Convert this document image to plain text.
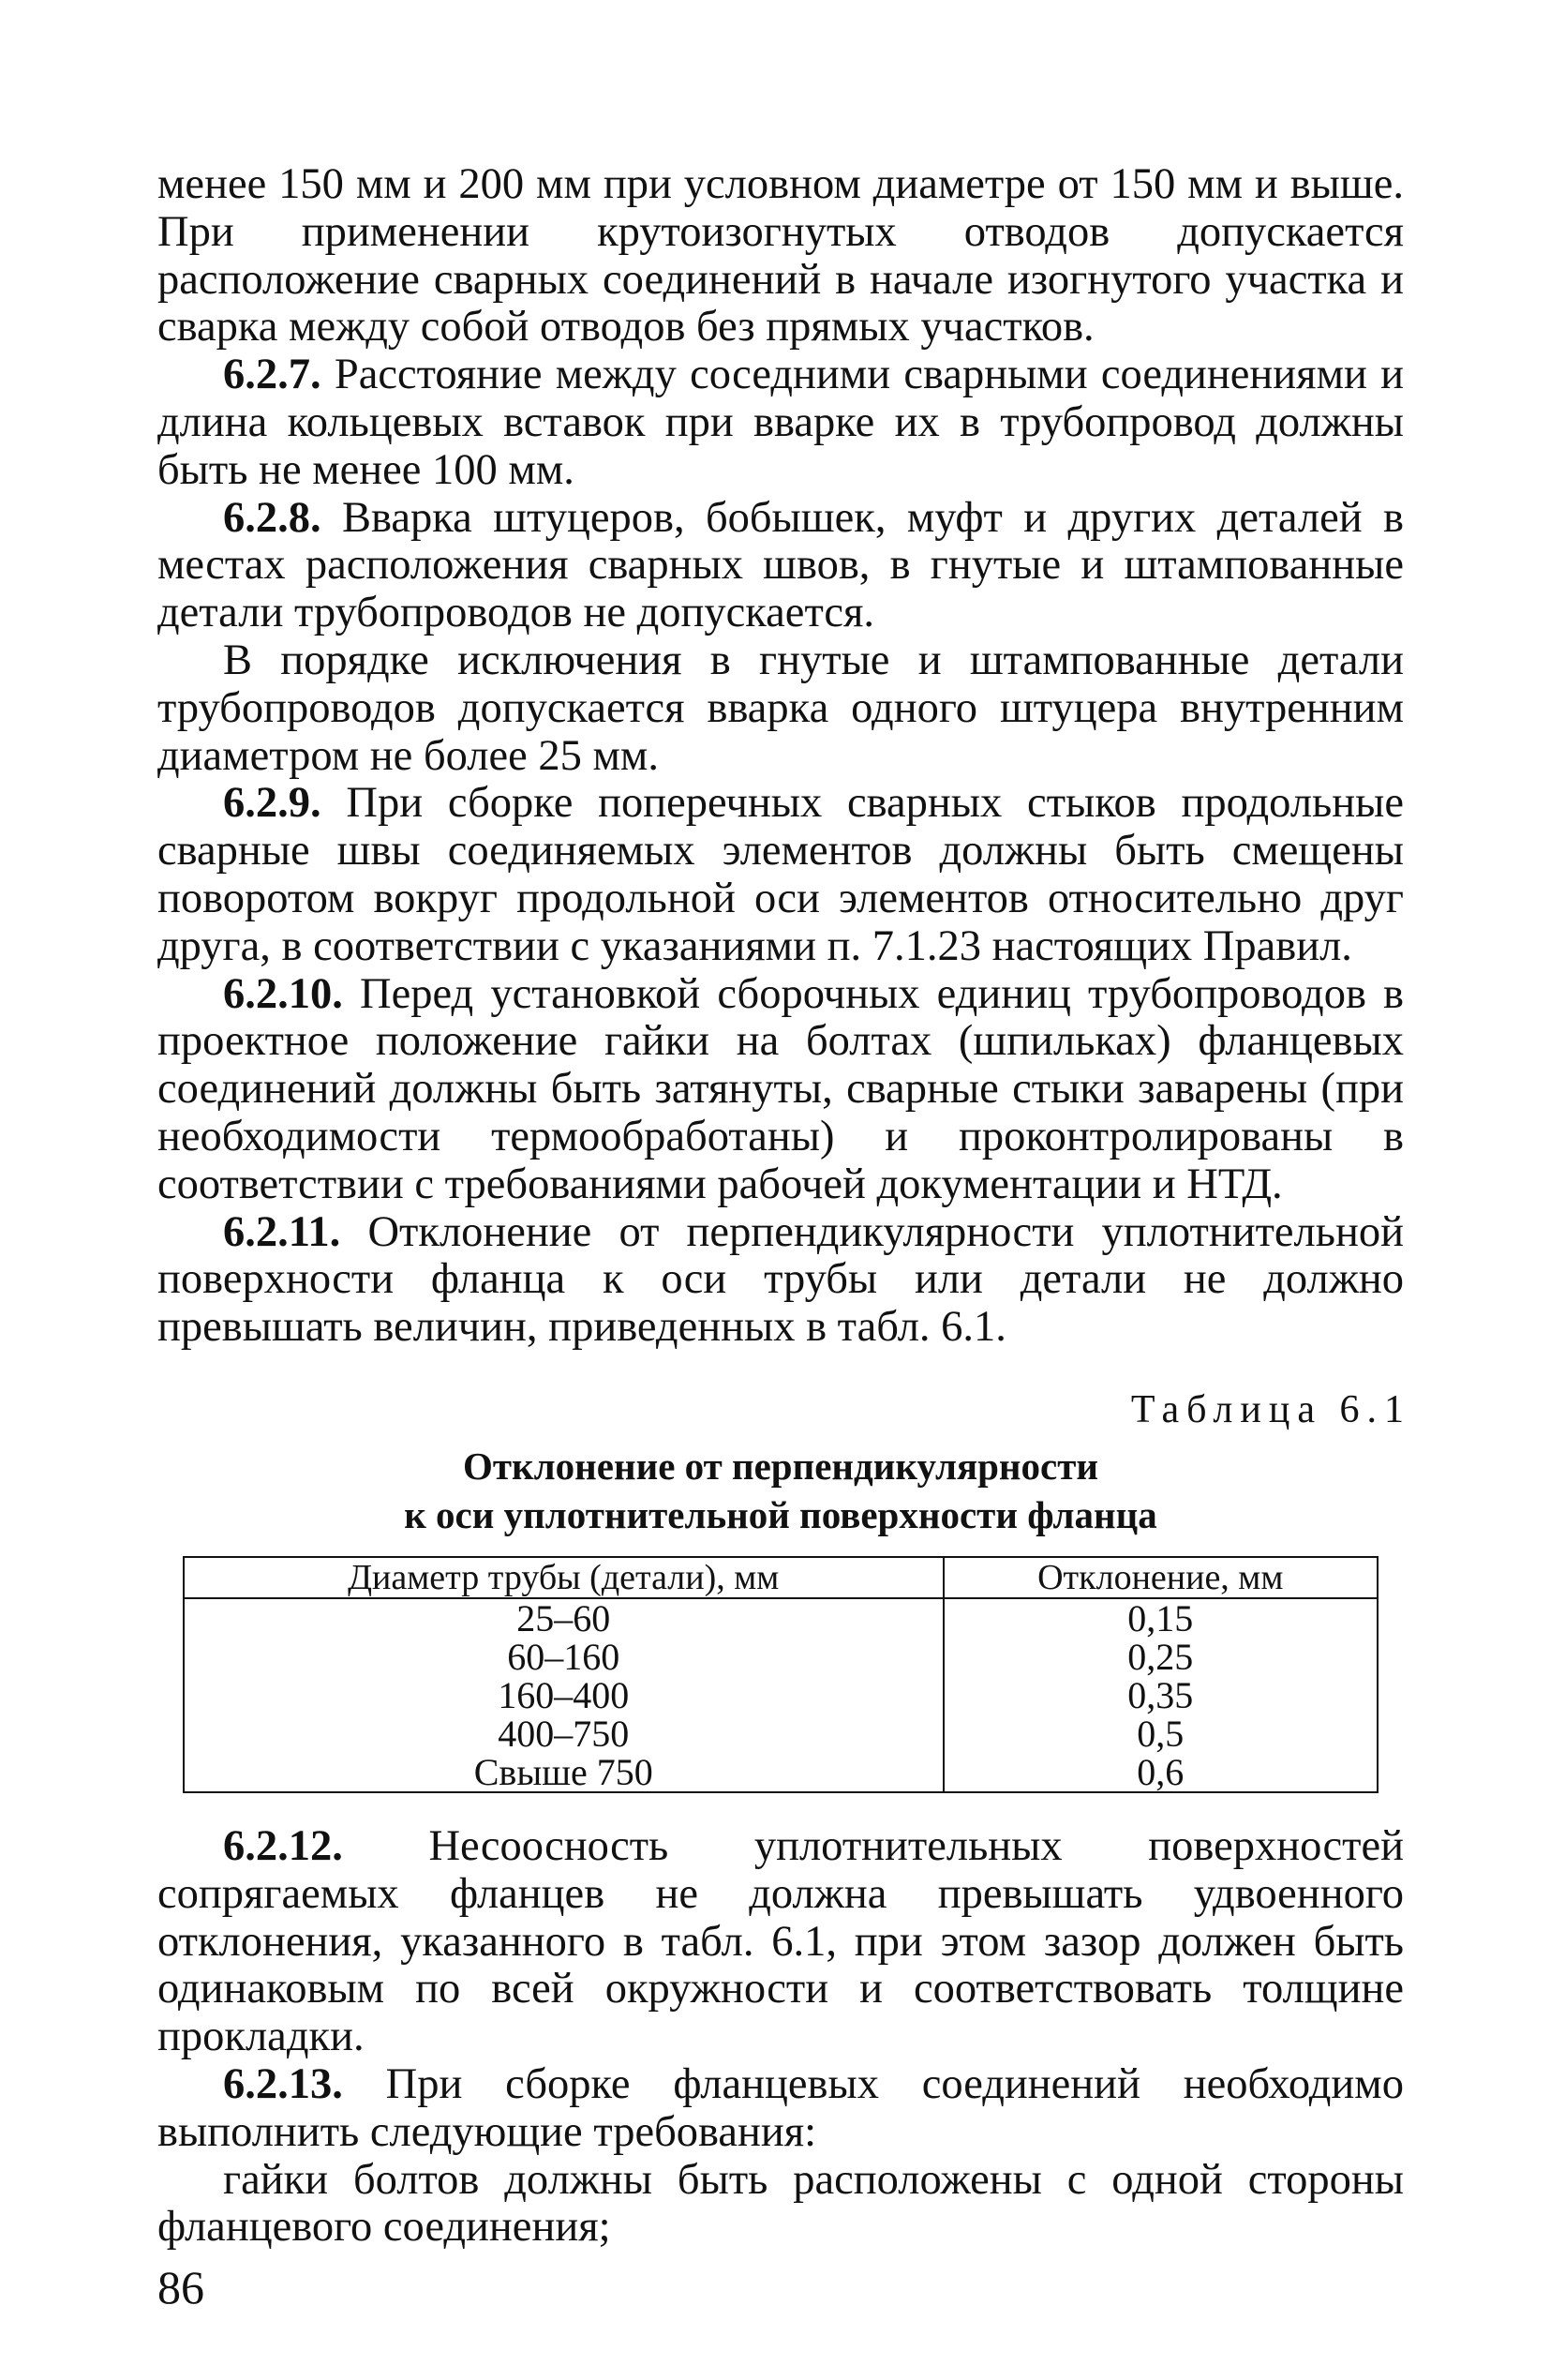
менее 150 мм и 200 мм при условном диаметре от 150 мм и выше. При применении крутоизогнутых отводов допускается расположение сварных соединений в начале изогнутого участка и сварка между собой отводов без прямых участков.

6.2.7. Расстояние между соседними сварными соединениями и длина кольцевых вставок при вварке их в трубопровод должны быть не менее 100 мм.

6.2.8. Вварка штуцеров, бобышек, муфт и других деталей в местах расположения сварных швов, в гнутые и штампованные детали трубопроводов не допускается.

В порядке исключения в гнутые и штампованные детали трубопроводов допускается вварка одного штуцера внутренним диаметром не более 25 мм.

6.2.9. При сборке поперечных сварных стыков продольные сварные швы соединяемых элементов должны быть смещены поворотом вокруг продольной оси элементов относительно друг друга, в соответствии с указаниями п. 7.1.23 настоящих Правил.

6.2.10. Перед установкой сборочных единиц трубопроводов в проектное положение гайки на болтах (шпильках) фланцевых соединений должны быть затянуты, сварные стыки заварены (при необходимости термообработаны) и проконтролированы в соответствии с требованиями рабочей документации и НТД.

6.2.11. Отклонение от перпендикулярности уплотнительной поверхности фланца к оси трубы или детали не должно превышать величин, приведенных в табл. 6.1.

Таблица 6.1
Отклонение от перпендикулярности
к оси уплотнительной поверхности фланца
Диаметр трубы (детали), мм	Отклонение, мм
25–60	0,15
60–160	0,25
160–400	0,35
400–750	0,5
Свыше 750	0,6

6.2.12. Несоосность уплотнительных поверхностей сопрягаемых фланцев не должна превышать удвоенного отклонения, указанного в табл. 6.1, при этом зазор должен быть одинаковым по всей окружности и соответствовать толщине прокладки.

6.2.13. При сборке фланцевых соединений необходимо выполнить следующие требования:

гайки болтов должны быть расположены с одной стороны фланцевого соединения;

86
